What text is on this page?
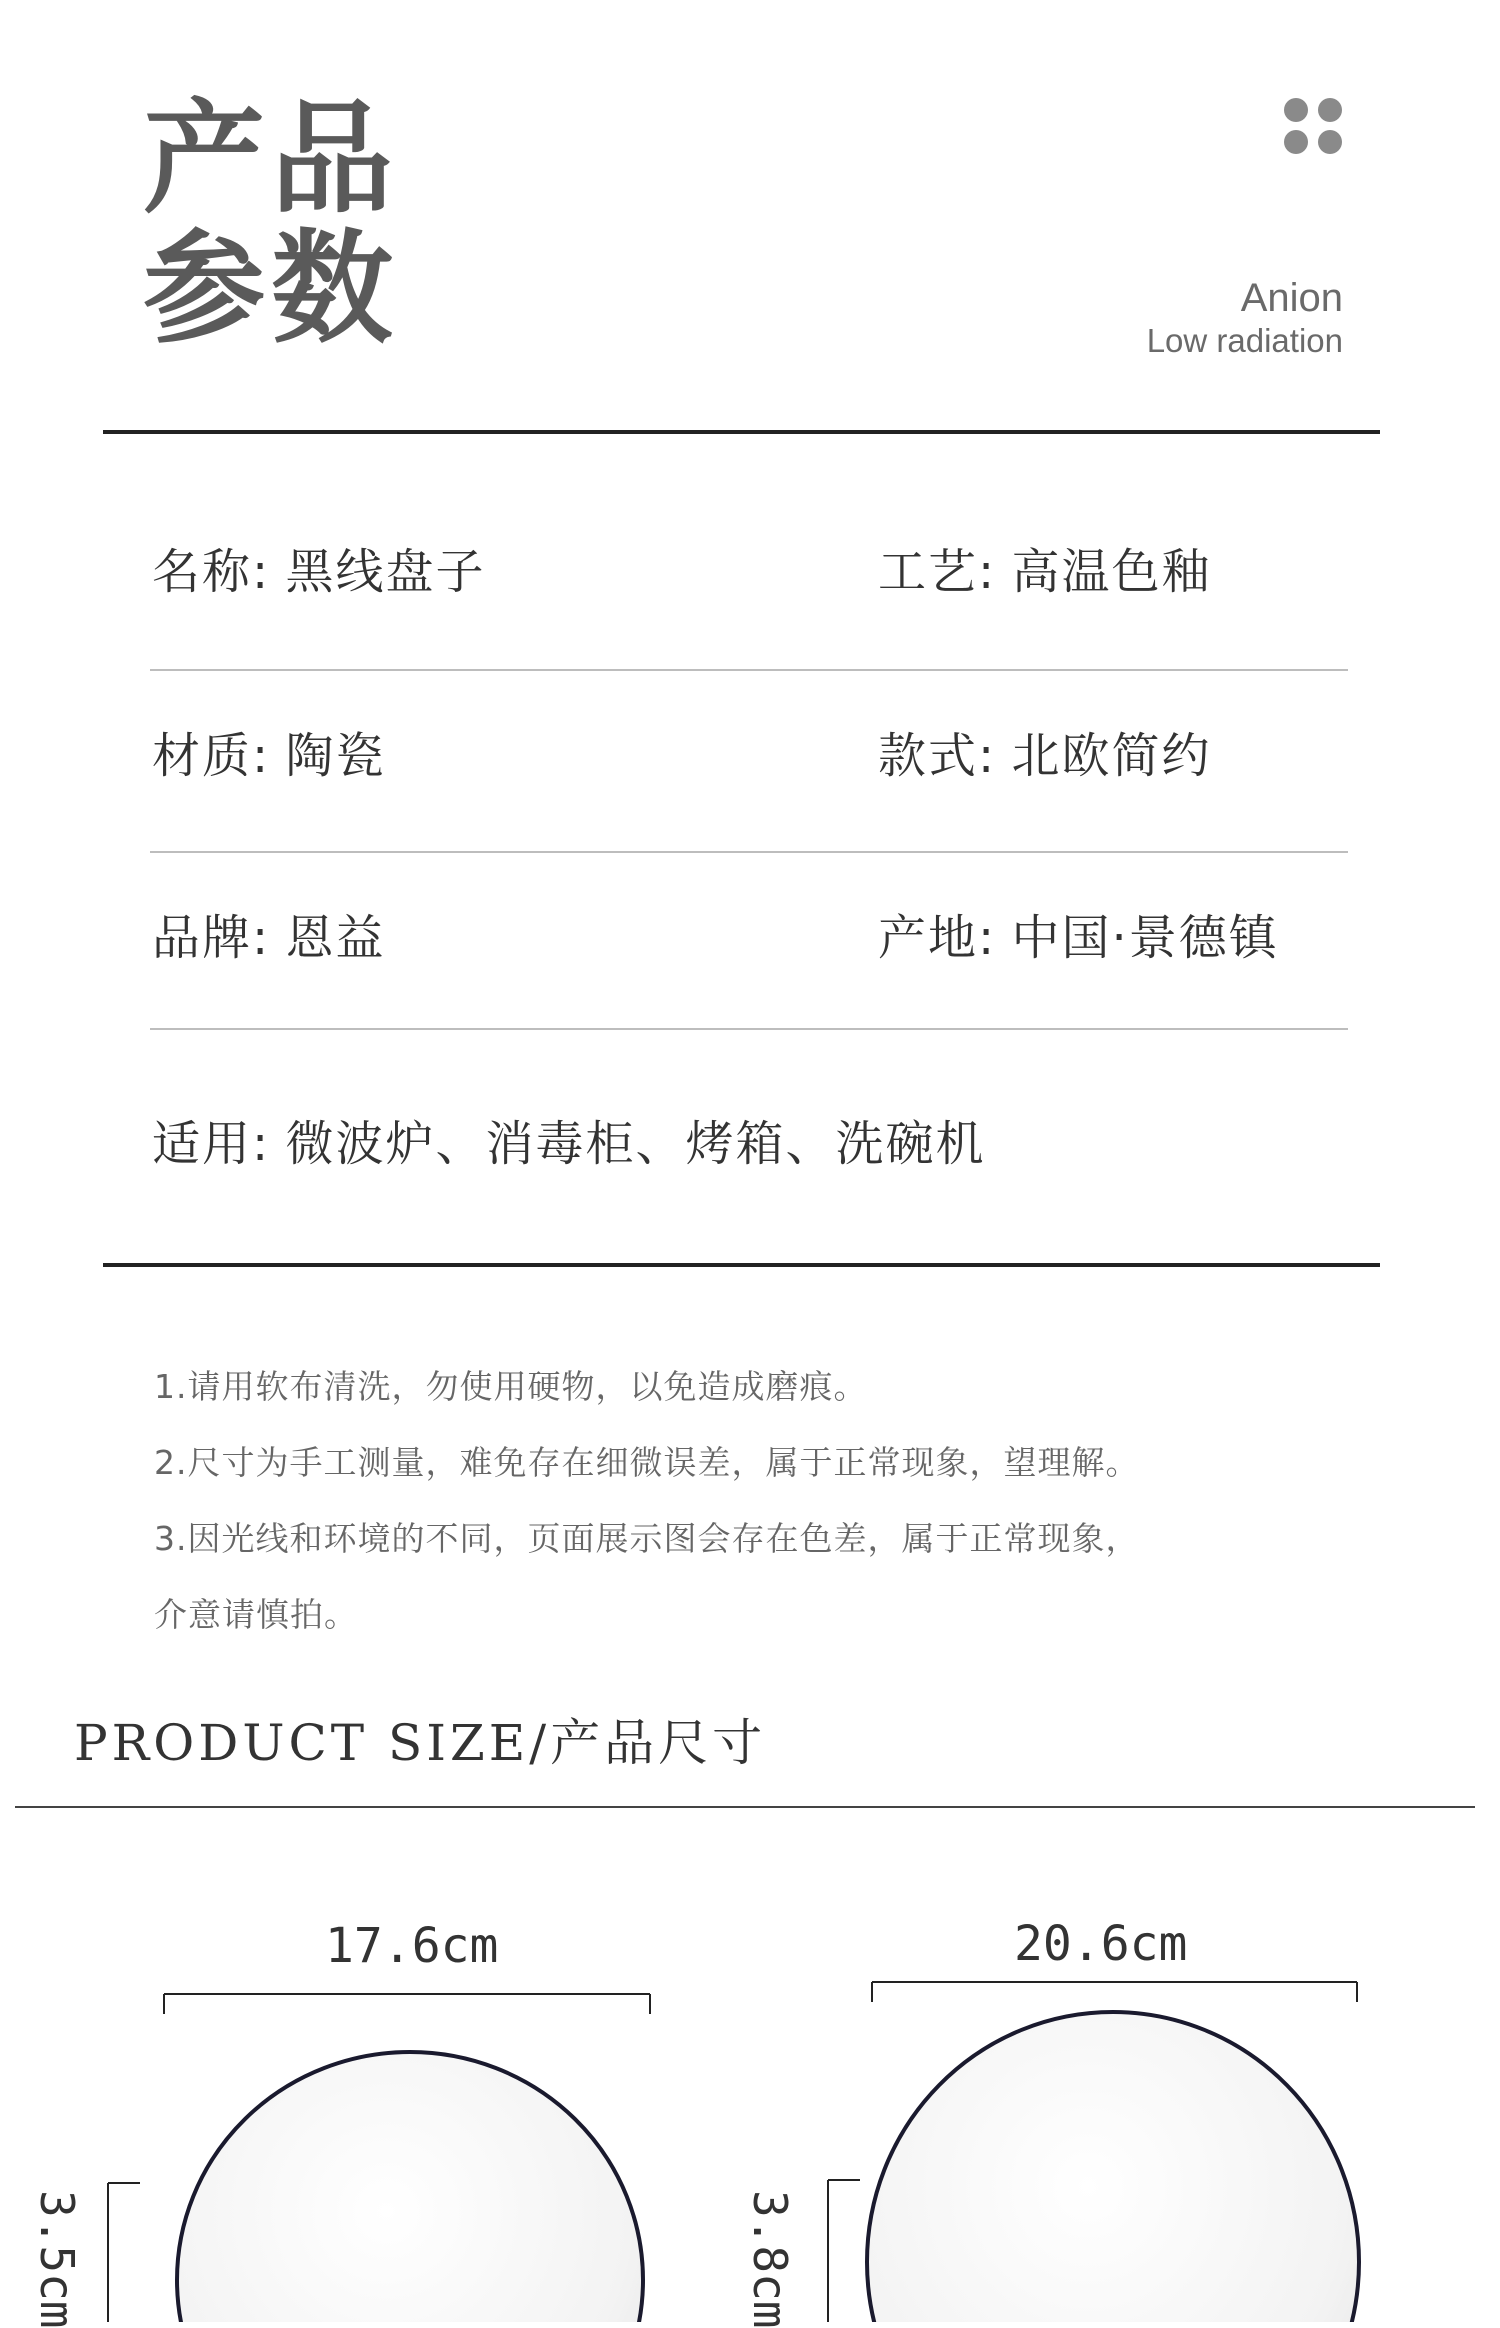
产品
参数	Anion
Low radiation
名称: 黑线盘子	工艺: 高温色釉
材质: 陶瓷	款式: 北欧简约
品牌: 恩益	产地: 中国·景德镇
适用: 微波炉、消毒柜、烤箱、洗碗机
1.请用软布清洗，勿使用硬物，以免造成磨痕。
2.尺寸为手工测量，难免存在细微误差，属于正常现象，望理解。
3.因光线和环境的不同，页面展示图会存在色差，属于正常现象，
介意请慎拍。
PRODUCT SIZE/产品尺寸
17.6cm	20.6cm
3.5cm	3.8cm
